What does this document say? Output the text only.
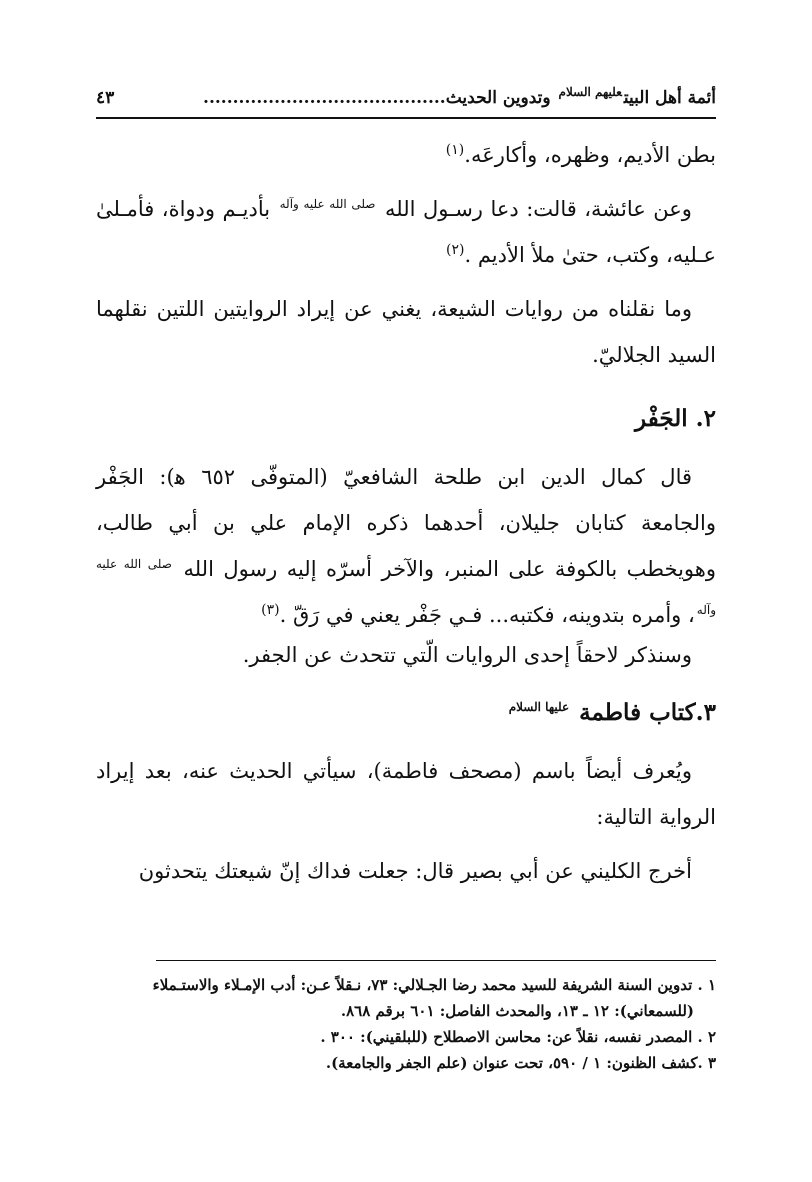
أئمة أهل البيت$^{عليهم السلام}$ وتدوين الحديث.........................................
٤٣

بطن الأديم، وظهره، وأكارعَه.$^{(١)}$

وعن عائشة، قالت: دعا رسـول الله $^{صلى الله عليه وآله}$ بأديـم ودواة، فأمـلىٰ عـليه، وكتب، حتىٰ ملأ الأديم .$^{(٢)}$

وما نقلناه من روايات الشيعة، يغني عن إيراد الروايتين اللتين نقلهما السيد الجلاليّ.

٢. الجَفْر

قال كمال الدين ابن طلحة الشافعيّ (المتوفّى ٦٥٢ ﻫ): الجَفْر والجامعة كتابان جليلان، أحدهما ذكره الإمام علي بن أبي طالب، وهويخطب بالكوفة على المنبر، والآخر أسرّه إليه رسول الله $^{صلى الله عليه وآله}$، وأمره بتدوينه، فكتبه... فـي جَفْر يعني في رَقّ .$^{(٣)}$

وسنذكر لاحقاً إحدى الروايات الّتي تتحدث عن الجفر.

٣.كتاب فاطمة $^{عليها السلام}$

ويُعرف أيضاً باسم (مصحف فاطمة)، سيأتي الحديث عنه، بعد إيراد الرواية التالية:

أخرج الكليني عن أبي بصير قال: جعلت فداك إنّ شيعتك يتحدثون

١ . تدوين السنة الشريفة للسيد محمد رضا الجـلالي: ٧٣، نـقلاً عـن: أدب الإمـلاء والاستـملاء

(للسمعاني): ١٢ ـ ١٣، والمحدث الفاصل: ٦٠١ برقم ٨٦٨.

٢ . المصدر نفسه، نقلاً عن: محاسن الاصطلاح (للبلقيني): ٣٠٠ .

٣ .كشف الظنون: ١ / ٥٩٠، تحت عنوان (علم الجفر والجامعة).
